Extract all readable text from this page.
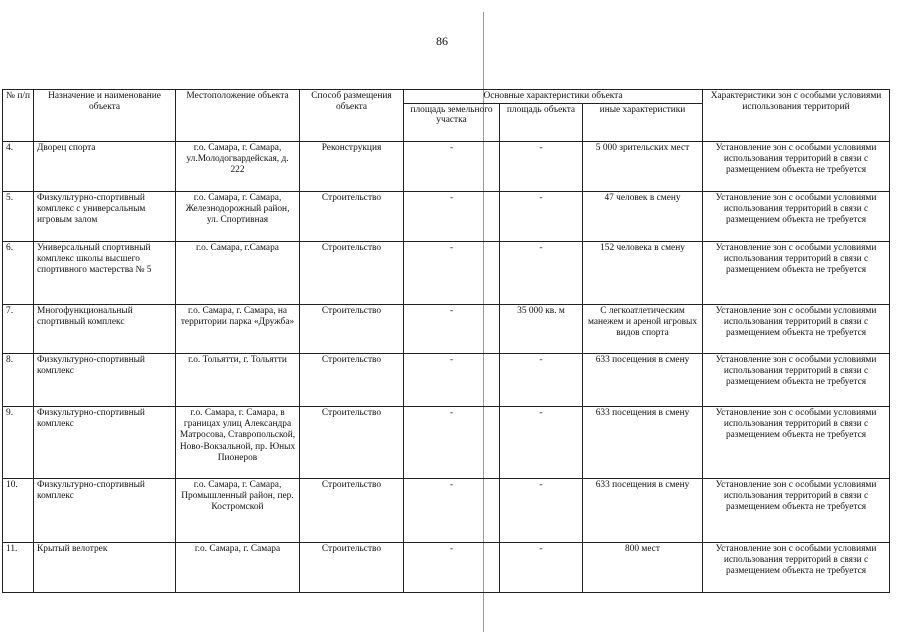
86
№ п/п	Назначение и наименование объекта	Местоположение объекта	Способ размещения объекта	Основные характеристики объекта			Характеристики зон с особыми условиями использования территорий
				площадь земельного участка	площадь объекта	иные характеристики	
4.	Дворец спорта	г.о. Самара, г. Самара, ул.Молодогвардейская, д. 222	Реконструкция	-	-	5 000 зрительских мест	Установление зон с особыми условиями использования территорий в связи с размещением объекта не требуется
5.	Физкультурно-спортивный комплекс с универсальным игровым залом	г.о. Самара, г. Самара, Железнодорожный район, ул. Спортивная	Строительство	-	-	47 человек в смену	Установление зон с особыми условиями использования территорий в связи с размещением объекта не требуется
6.	Универсальный спортивный комплекс школы высшего спортивного мастерства № 5	г.о. Самара, г.Самара	Строительство	-	-	152 человека в смену	Установление зон с особыми условиями использования территорий в связи с размещением объекта не требуется
7.	Многофункциональный спортивный комплекс	г.о. Самара, г. Самара, на территории парка «Дружба»	Строительство	-	35 000 кв. м	С легкоатлетическим манежем и ареной игровых видов спорта	Установление зон с особыми условиями использования территорий в связи с размещением объекта не требуется
8.	Физкультурно-спортивный комплекс	г.о. Тольятти, г. Тольятти	Строительство	-	-	633 посещения в смену	Установление зон с особыми условиями использования территорий в связи с размещением объекта не требуется
9.	Физкультурно-спортивный комплекс	г.о. Самара, г. Самара, в границах улиц Александра Матросова, Ставропольской, Ново-Вокзальной, пр. Юных Пионеров	Строительство	-	-	633 посещения в смену	Установление зон с особыми условиями использования территорий в связи с размещением объекта не требуется
10.	Физкультурно-спортивный комплекс	г.о. Самара, г. Самара, Промышленный район, пер. Костромской	Строительство	-	-	633 посещения в смену	Установление зон с особыми условиями использования территорий в связи с размещением объекта не требуется
11.	Крытый велотрек	г.о. Самара, г. Самара	Строительство	-	-	800 мест	Установление зон с особыми условиями использования территорий в связи с размещением объекта не требуется
